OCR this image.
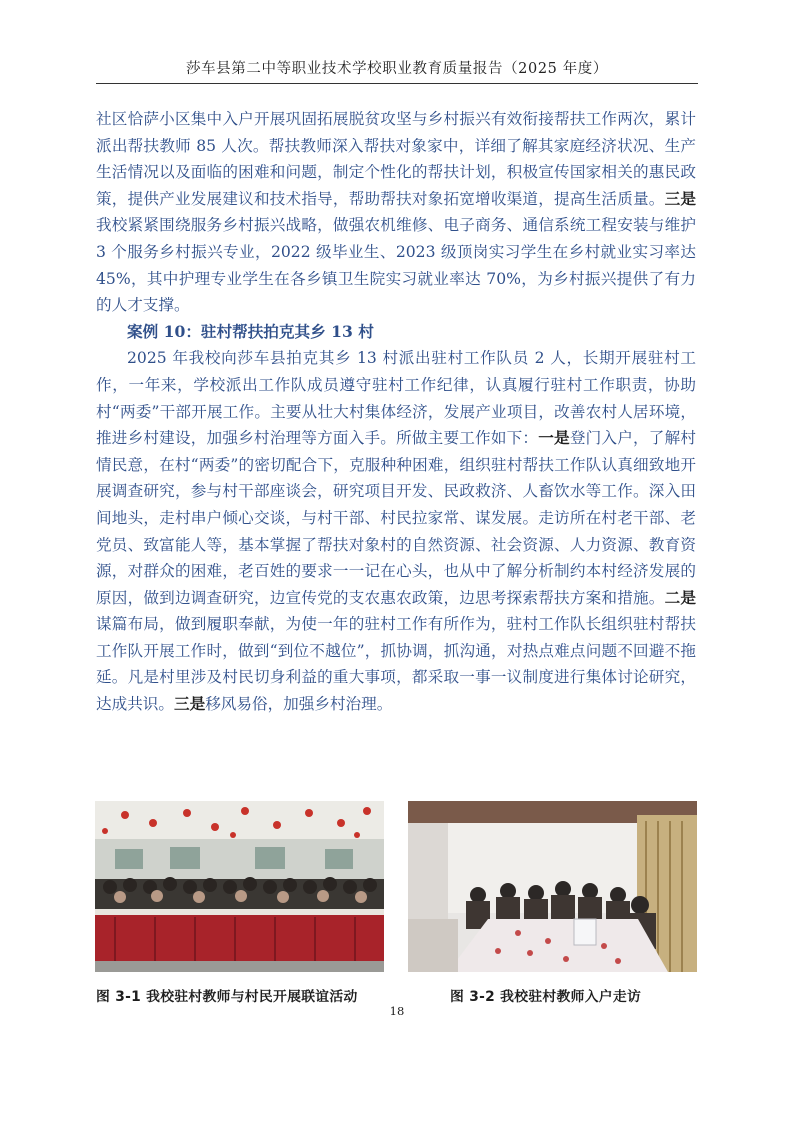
莎车县第二中等职业技术学校职业教育质量报告（2025 年度）

社区恰萨小区集中入户开展巩固拓展脱贫攻坚与乡村振兴有效衔接帮扶工作两次，累计派出帮扶教师 85 人次。帮扶教师深入帮扶对象家中，详细了解其家庭经济状况、生产生活情况以及面临的困难和问题，制定个性化的帮扶计划，积极宣传国家相关的惠民政策，提供产业发展建议和技术指导，帮助帮扶对象拓宽增收渠道，提高生活质量。三是我校紧紧围绕服务乡村振兴战略，做强农机维修、电子商务、通信系统工程安装与维护 3 个服务乡村振兴专业，2022 级毕业生、2023 级顶岗实习学生在乡村就业实习率达 45%，其中护理专业学生在各乡镇卫生院实习就业率达 70%，为乡村振兴提供了有力的人才支撑。

案例 10：驻村帮扶拍克其乡 13 村

2025 年我校向莎车县拍克其乡 13 村派出驻村工作队员 2 人，长期开展驻村工作，一年来，学校派出工作队成员遵守驻村工作纪律，认真履行驻村工作职责，协助村“两委”干部开展工作。主要从壮大村集体经济，发展产业项目，改善农村人居环境，推进乡村建设，加强乡村治理等方面入手。所做主要工作如下：一是登门入户，了解村情民意，在村“两委”的密切配合下，克服种种困难，组织驻村帮扶工作队认真细致地开展调查研究，参与村干部座谈会，研究项目开发、民政救济、人畜饮水等工作。深入田间地头，走村串户倾心交谈，与村干部、村民拉家常、谋发展。走访所在村老干部、老党员、致富能人等，基本掌握了帮扶对象村的自然资源、社会资源、人力资源、教育资源，对群众的困难，老百姓的要求一一记在心头，也从中了解分析制约本村经济发展的原因，做到边调查研究，边宣传党的支农惠农政策，边思考探索帮扶方案和措施。二是谋篇布局，做到履职奉献，为使一年的驻村工作有所作为，驻村工作队长组织驻村帮扶工作队开展工作时，做到“到位不越位”，抓协调，抓沟通，对热点难点问题不回避不拖延。凡是村里涉及村民切身利益的重大事项，都采取一事一议制度进行集体讨论研究，达成共识。三是移风易俗，加强乡村治理。

图 3-1 我校驻村教师与村民开展联谊活动	图 3-2 我校驻村教师入户走访
18
